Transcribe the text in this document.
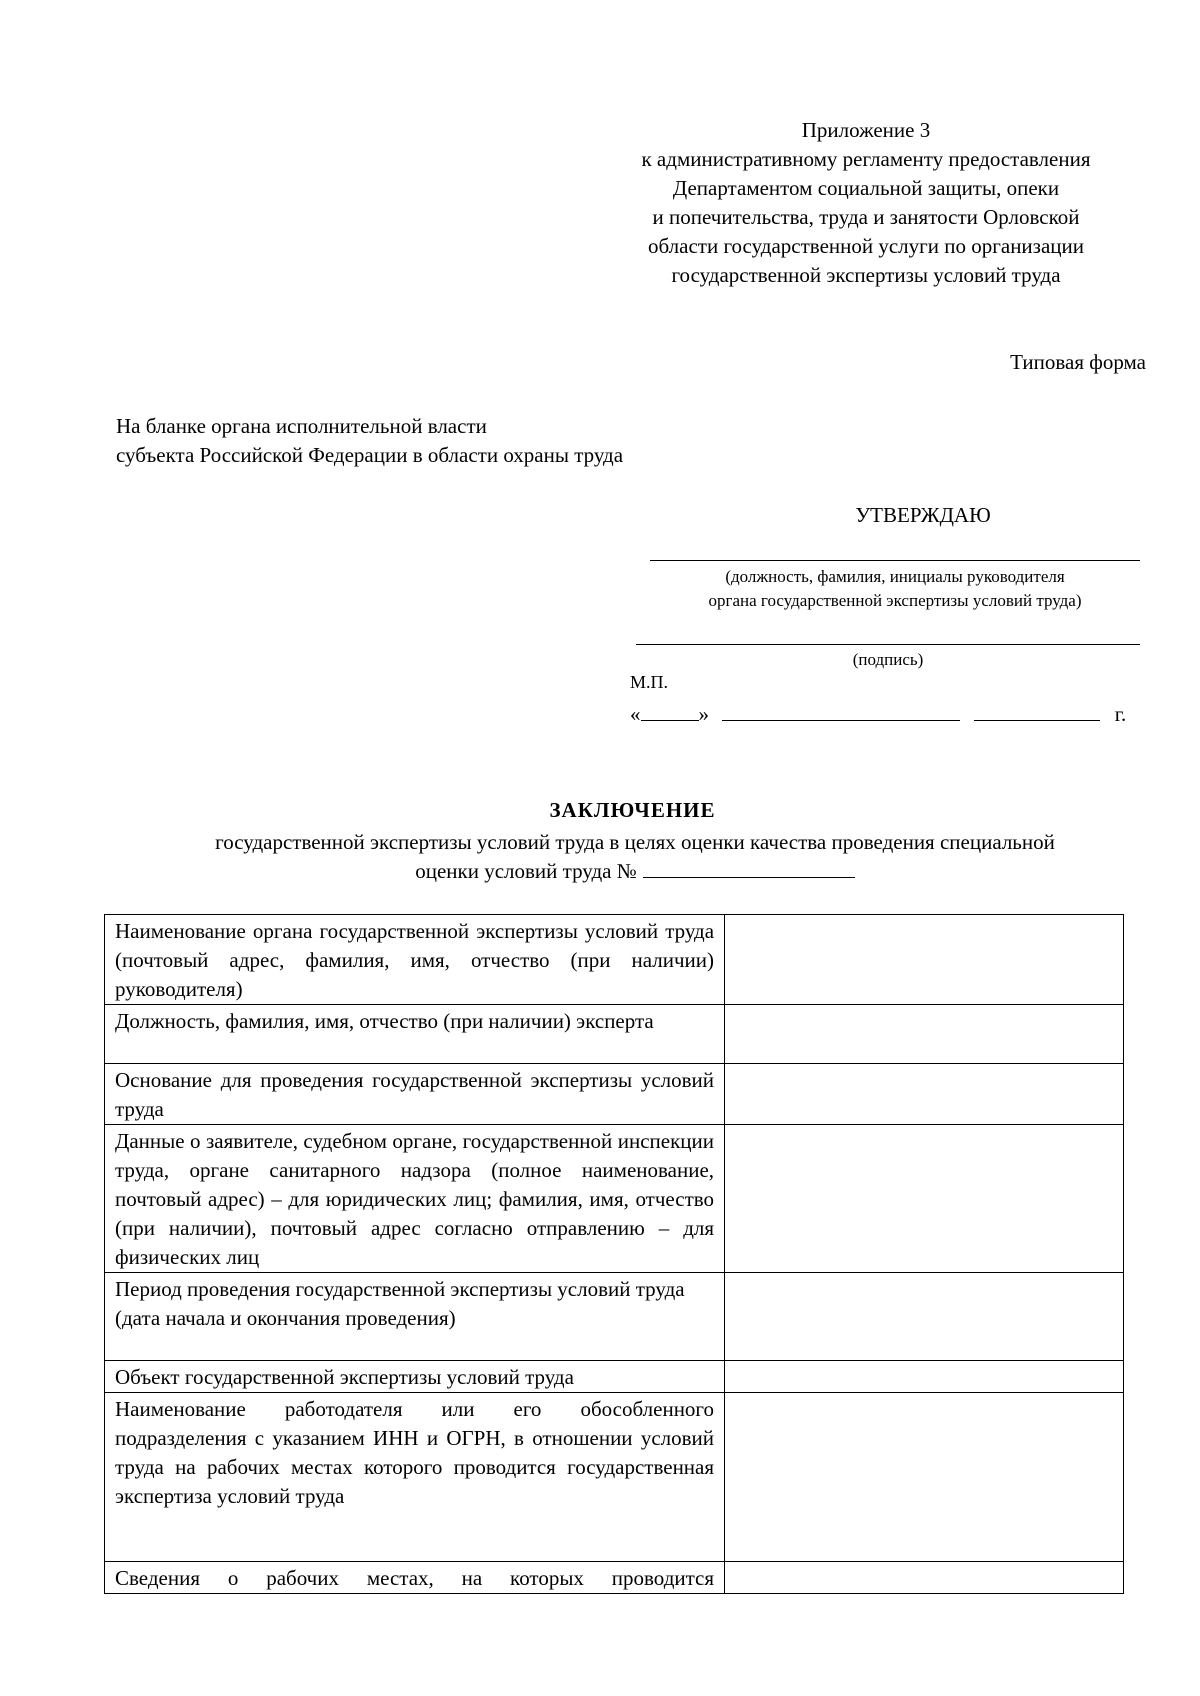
Приложение 3
к административному регламенту предоставления
Департаментом социальной защиты, опеки
и попечительства, труда и занятости Орловской
области государственной услуги по организации
государственной экспертизы условий труда
Типовая форма
На бланке органа исполнительной власти
субъекта Российской Федерации в области охраны труда
УТВЕРЖДАЮ
(должность, фамилия, инициалы руководителя
органа государственной экспертизы условий труда)
(подпись)
М.П.
«	»	г.
ЗАКЛЮЧЕНИЕ
государственной экспертизы условий труда в целях оценки качества проведения специальной
оценки условий труда №
Наименование органа государственной экспертизы условий труда (почтовый адрес, фамилия, имя, отчество (при наличии) руководителя)	
Должность, фамилия, имя, отчество (при наличии) эксперта	
Основание для проведения государственной экспертизы условий труда	
Данные о заявителе, судебном органе, государственной инспекции труда, органе санитарного надзора (полное наименование, почтовый адрес) – для юридических лиц; фамилия, имя, отчество (при наличии), почтовый адрес согласно отправлению – для физических лиц	

Период проведения государственной экспертизы условий труда
(дата начала и окончания проведения)	

Объект государственной экспертизы условий труда	
Наименование работодателя или его обособленного подразделения с указанием ИНН и ОГРН, в отношении условий труда на рабочих местах которого проводится государственная экспертиза условий труда	
Сведения о рабочих местах, на которых проводится	
